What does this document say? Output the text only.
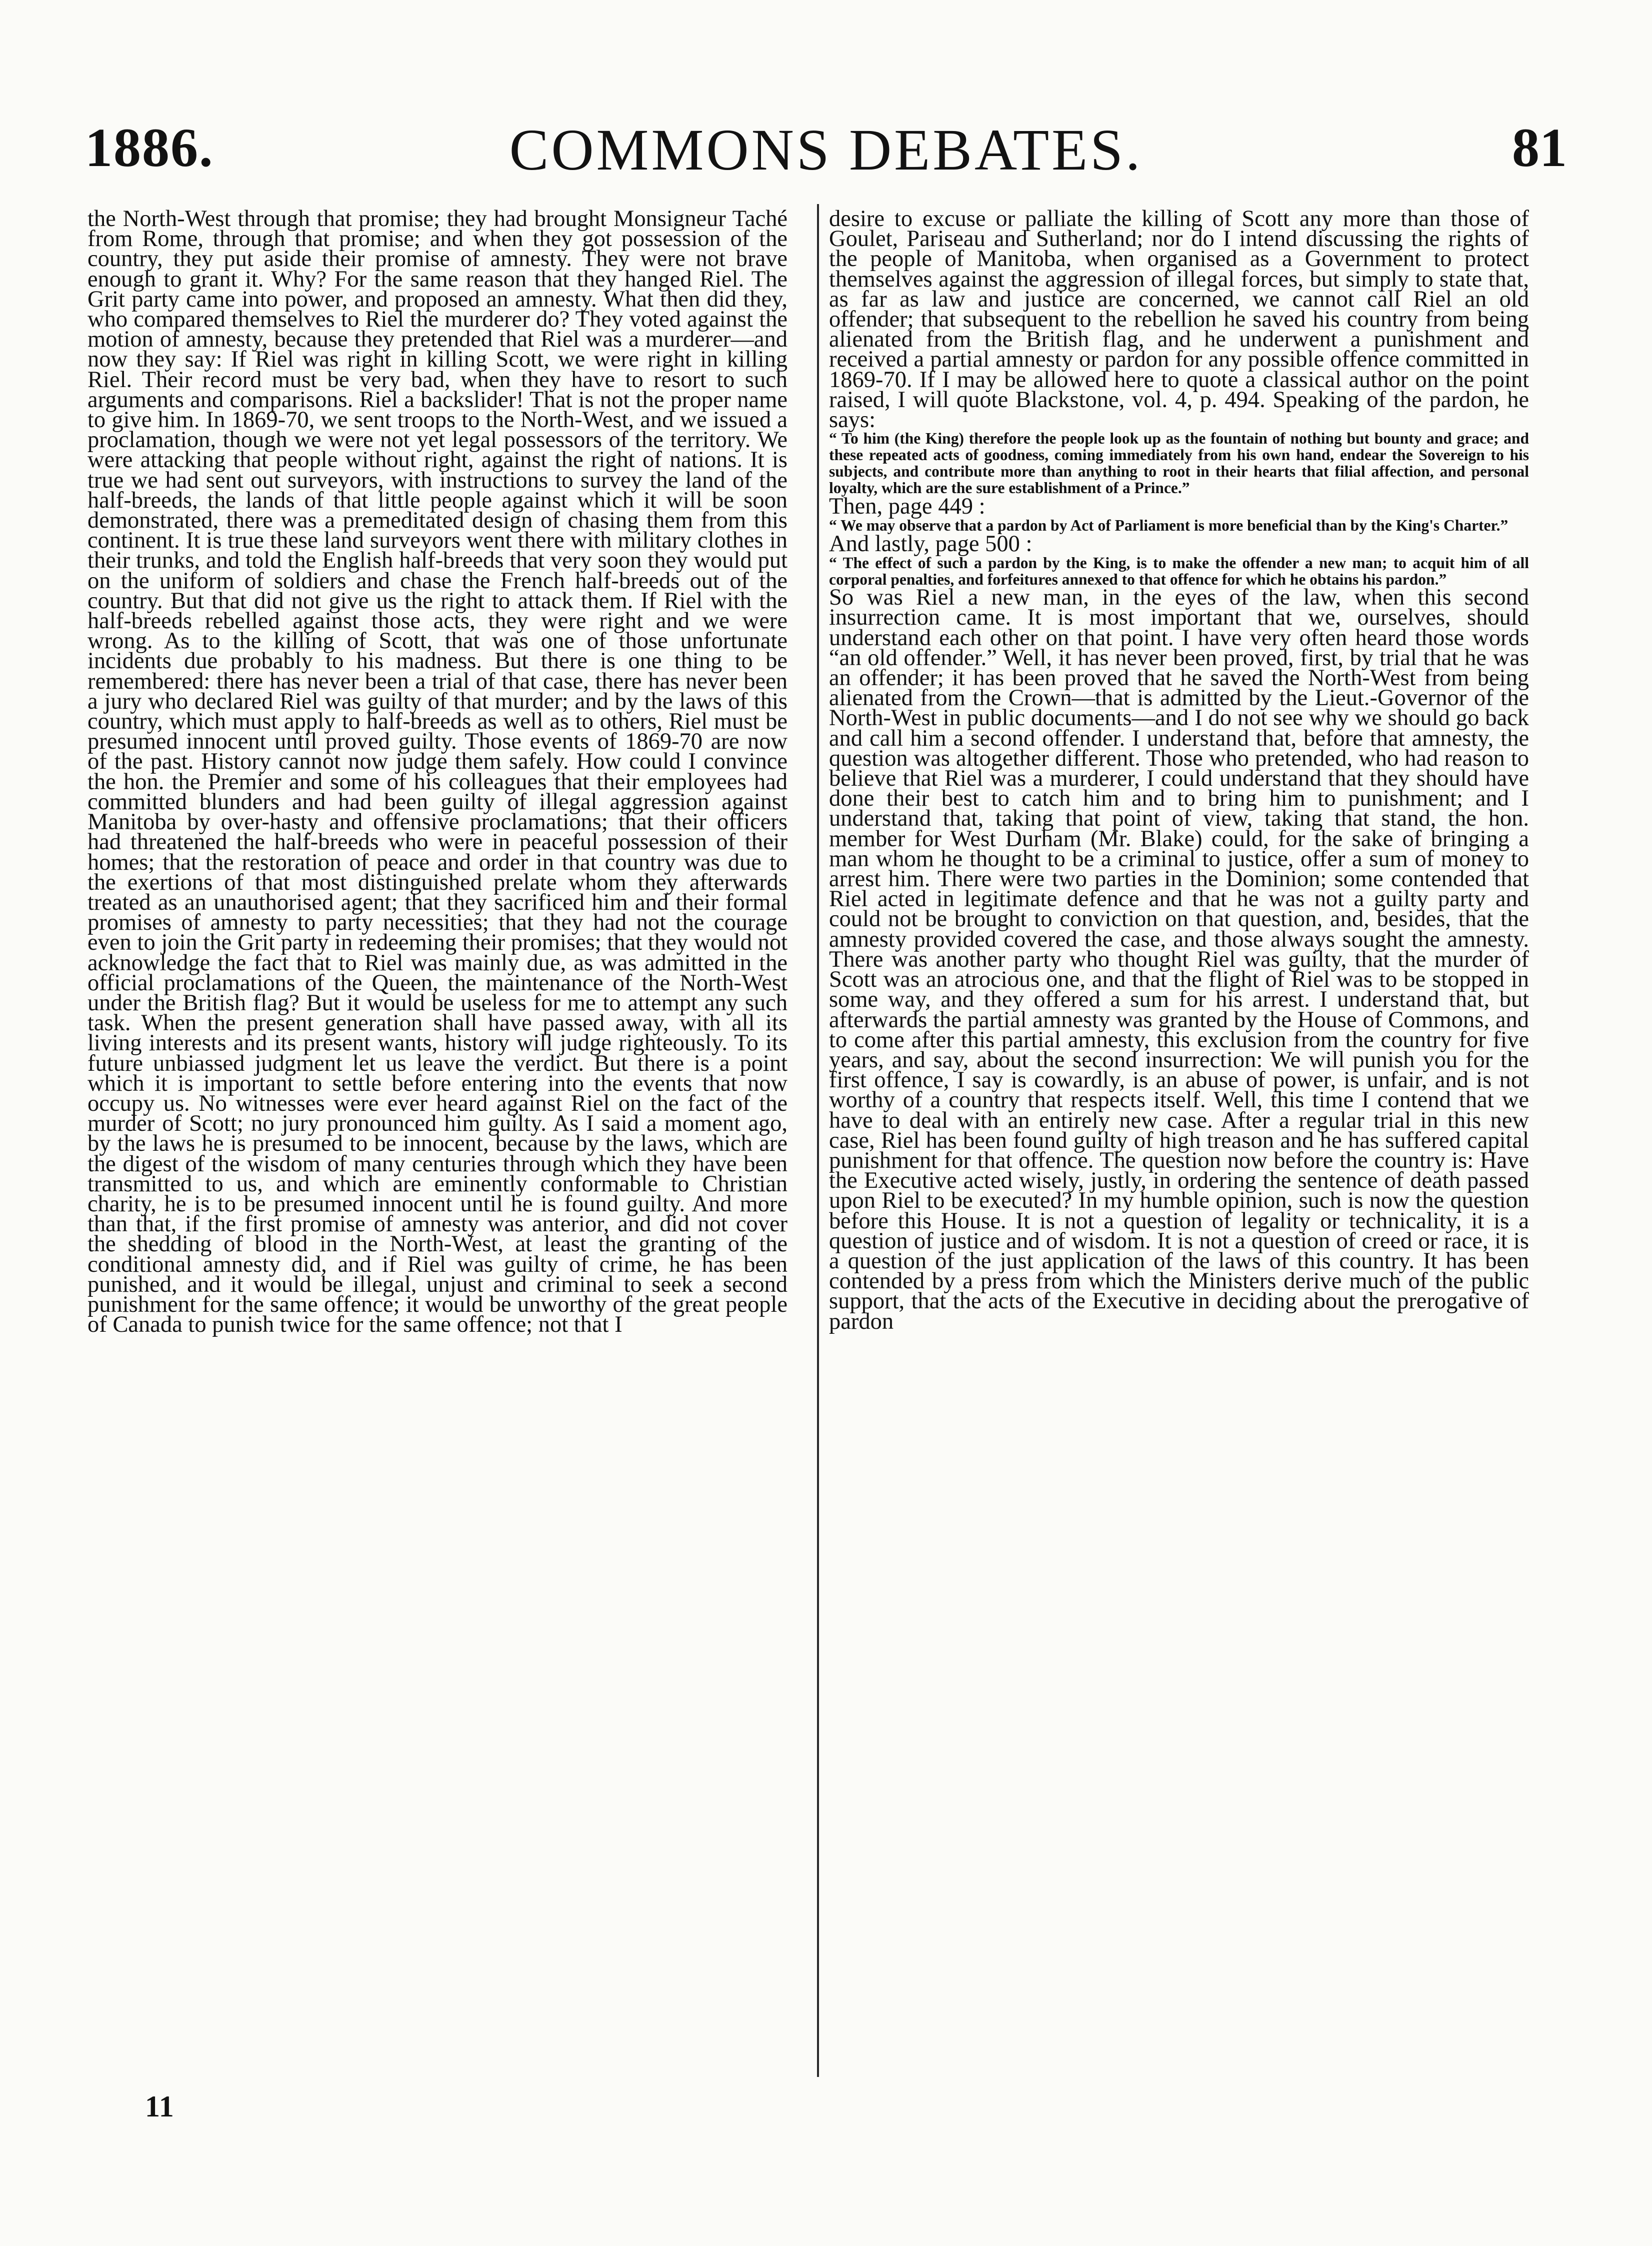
1886.	COMMONS DEBATES.	81

the North-West through that promise; they had brought Monsigneur Taché from Rome, through that promise; and when they got possession of the country, they put aside their promise of amnesty. They were not brave enough to grant it. Why? For the same reason that they hanged Riel. The Grit party came into power, and proposed an amnesty. What then did they, who compared themselves to Riel the murderer do? They voted against the motion of amnesty, because they pretended that Riel was a murderer—and now they say: If Riel was right in killing Scott, we were right in killing Riel. Their record must be very bad, when they have to resort to such arguments and comparisons. Riel a backslider! That is not the proper name to give him. In 1869-70, we sent troops to the North-West, and we issued a proclamation, though we were not yet legal possessors of the territory. We were attacking that people without right, against the right of nations. It is true we had sent out surveyors, with instructions to survey the land of the half-breeds, the lands of that little people against which it will be soon demonstrated, there was a premeditated design of chasing them from this continent. It is true these land surveyors went there with military clothes in their trunks, and told the English half-breeds that very soon they would put on the uniform of soldiers and chase the French half-breeds out of the country. But that did not give us the right to attack them. If Riel with the half-breeds rebelled against those acts, they were right and we were wrong. As to the killing of Scott, that was one of those unfortunate incidents due probably to his madness. But there is one thing to be remembered: there has never been a trial of that case, there has never been a jury who declared Riel was guilty of that murder; and by the laws of this country, which must apply to half-breeds as well as to others, Riel must be presumed innocent until proved guilty. Those events of 1869-70 are now of the past. History cannot now judge them safely. How could I convince the hon. the Premier and some of his colleagues that their employees had committed blunders and had been guilty of illegal aggression against Manitoba by over-hasty and offensive proclamations; that their officers had threatened the half-breeds who were in peaceful possession of their homes; that the restoration of peace and order in that country was due to the exertions of that most distinguished prelate whom they afterwards treated as an unauthorised agent; that they sacrificed him and their formal promises of amnesty to party necessities; that they had not the courage even to join the Grit party in redeeming their promises; that they would not acknowledge the fact that to Riel was mainly due, as was admitted in the official proclamations of the Queen, the maintenance of the North-West under the British flag? But it would be useless for me to attempt any such task. When the present generation shall have passed away, with all its living interests and its present wants, history will judge righteously. To its future unbiassed judgment let us leave the verdict. But there is a point which it is important to settle before entering into the events that now occupy us. No witnesses were ever heard against Riel on the fact of the murder of Scott; no jury pronounced him guilty. As I said a moment ago, by the laws he is presumed to be innocent, because by the laws, which are the digest of the wisdom of many centuries through which they have been transmitted to us, and which are eminently conformable to Christian charity, he is to be presumed innocent until he is found guilty. And more than that, if the first promise of amnesty was anterior, and did not cover the shedding of blood in the North-West, at least the granting of the conditional amnesty did, and if Riel was guilty of crime, he has been punished, and it would be illegal, unjust and criminal to seek a second punishment for the same offence; it would be unworthy of the great people of Canada to punish twice for the same offence; not that I

desire to excuse or palliate the killing of Scott any more than those of Goulet, Pariseau and Sutherland; nor do I intend discussing the rights of the people of Manitoba, when organised as a Government to protect themselves against the aggression of illegal forces, but simply to state that, as far as law and justice are concerned, we cannot call Riel an old offender; that subsequent to the rebellion he saved his country from being alienated from the British flag, and he underwent a punishment and received a partial amnesty or pardon for any possible offence committed in 1869-70. If I may be allowed here to quote a classical author on the point raised, I will quote Blackstone, vol. 4, p. 494. Speaking of the pardon, he says:

“ To him (the King) therefore the people look up as the fountain of nothing but bounty and grace; and these repeated acts of goodness, coming immediately from his own hand, endear the Sovereign to his subjects, and contribute more than anything to root in their hearts that filial affection, and personal loyalty, which are the sure establishment of a Prince.”

Then, page 449 :

“ We may observe that a pardon by Act of Parliament is more beneficial than by the King's Charter.”

And lastly, page 500 :

“ The effect of such a pardon by the King, is to make the offender a new man; to acquit him of all corporal penalties, and forfeitures annexed to that offence for which he obtains his pardon.”

So was Riel a new man, in the eyes of the law, when this second insurrection came. It is most important that we, ourselves, should understand each other on that point. I have very often heard those words “an old offender.” Well, it has never been proved, first, by trial that he was an offender; it has been proved that he saved the North-West from being alienated from the Crown—that is admitted by the Lieut.-Governor of the North-West in public documents—and I do not see why we should go back and call him a second offender. I understand that, before that amnesty, the question was altogether different. Those who pretended, who had reason to believe that Riel was a murderer, I could understand that they should have done their best to catch him and to bring him to punishment; and I understand that, taking that point of view, taking that stand, the hon. member for West Durham (Mr. Blake) could, for the sake of bringing a man whom he thought to be a criminal to justice, offer a sum of money to arrest him. There were two parties in the Dominion; some contended that Riel acted in legitimate defence and that he was not a guilty party and could not be brought to conviction on that question, and, besides, that the amnesty provided covered the case, and those always sought the amnesty. There was another party who thought Riel was guilty, that the murder of Scott was an atrocious one, and that the flight of Riel was to be stopped in some way, and they offered a sum for his arrest. I understand that, but afterwards the partial amnesty was granted by the House of Commons, and to come after this partial amnesty, this exclusion from the country for five years, and say, about the second insurrection: We will punish you for the first offence, I say is cowardly, is an abuse of power, is unfair, and is not worthy of a country that respects itself. Well, this time I contend that we have to deal with an entirely new case. After a regular trial in this new case, Riel has been found guilty of high treason and he has suffered capital punishment for that offence. The question now before the country is: Have the Executive acted wisely, justly, in ordering the sentence of death passed upon Riel to be executed? In my humble opinion, such is now the question before this House. It is not a question of legality or technicality, it is a question of justice and of wisdom. It is not a question of creed or race, it is a question of the just application of the laws of this country. It has been contended by a press from which the Ministers derive much of the public support, that the acts of the Executive in deciding about the prerogative of pardon

11
